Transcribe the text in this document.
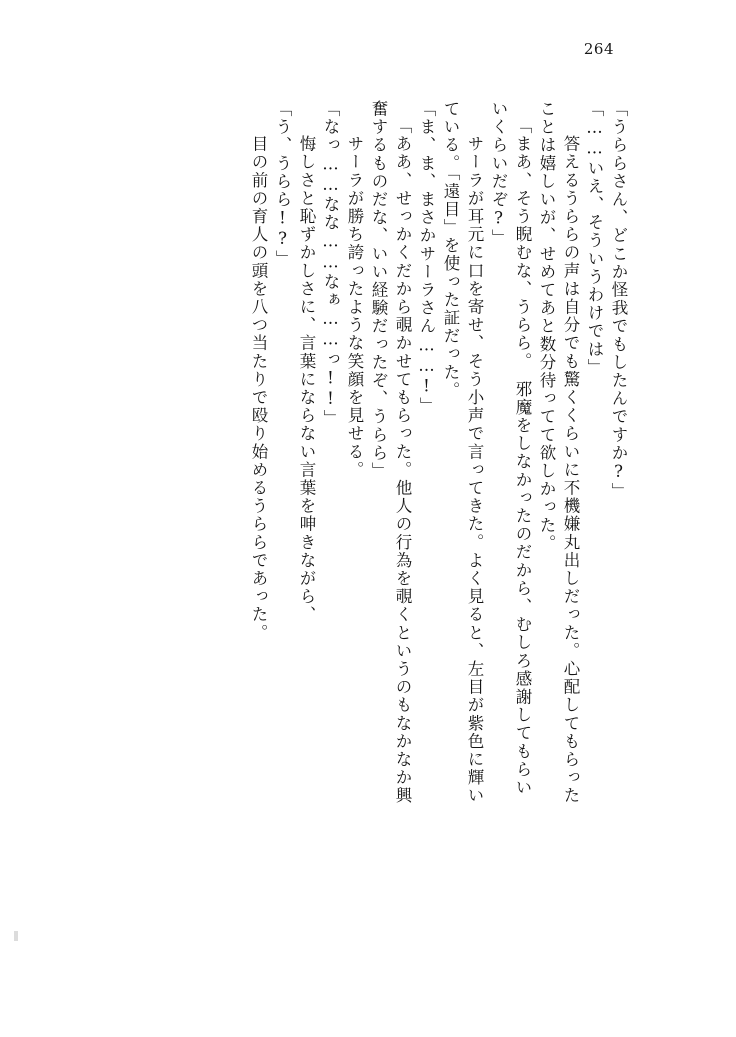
264
「うららさん、どこか怪我でもしたんですか?」
「……いえ、そういうわけでは」
　答えるうららの声は自分でも驚くくらいに不機嫌丸出しだった。心配してもらった
ことは嬉しいが、せめてあと数分待ってて欲しかった。
「まあ、そう睨むな、うらら。　邪魔をしなかったのだから、むしろ感謝してもらい
いくらいだぞ?」
　サーラが耳元に口を寄せ、そう小声で言ってきた。よく見ると、左目が紫色に輝い
ている。「遠目」を使った証だった。
「ま、ま、まさかサーラさん……!」
「ああ、せっかくだから覗かせてもらった。他人の行為を覗くというのもなかなか興
奮するものだな、いい経験だったぞ、うらら」
　サーラが勝ち誇ったような笑顔を見せる。
「なっ……なな……なぁ……っ!!」
　悔しさと恥ずかしさに、言葉にならない言葉を呻きながら、
「う、うらら!?」
　目の前の育人の頭を八つ当たりで殴り始めるうららであった。
